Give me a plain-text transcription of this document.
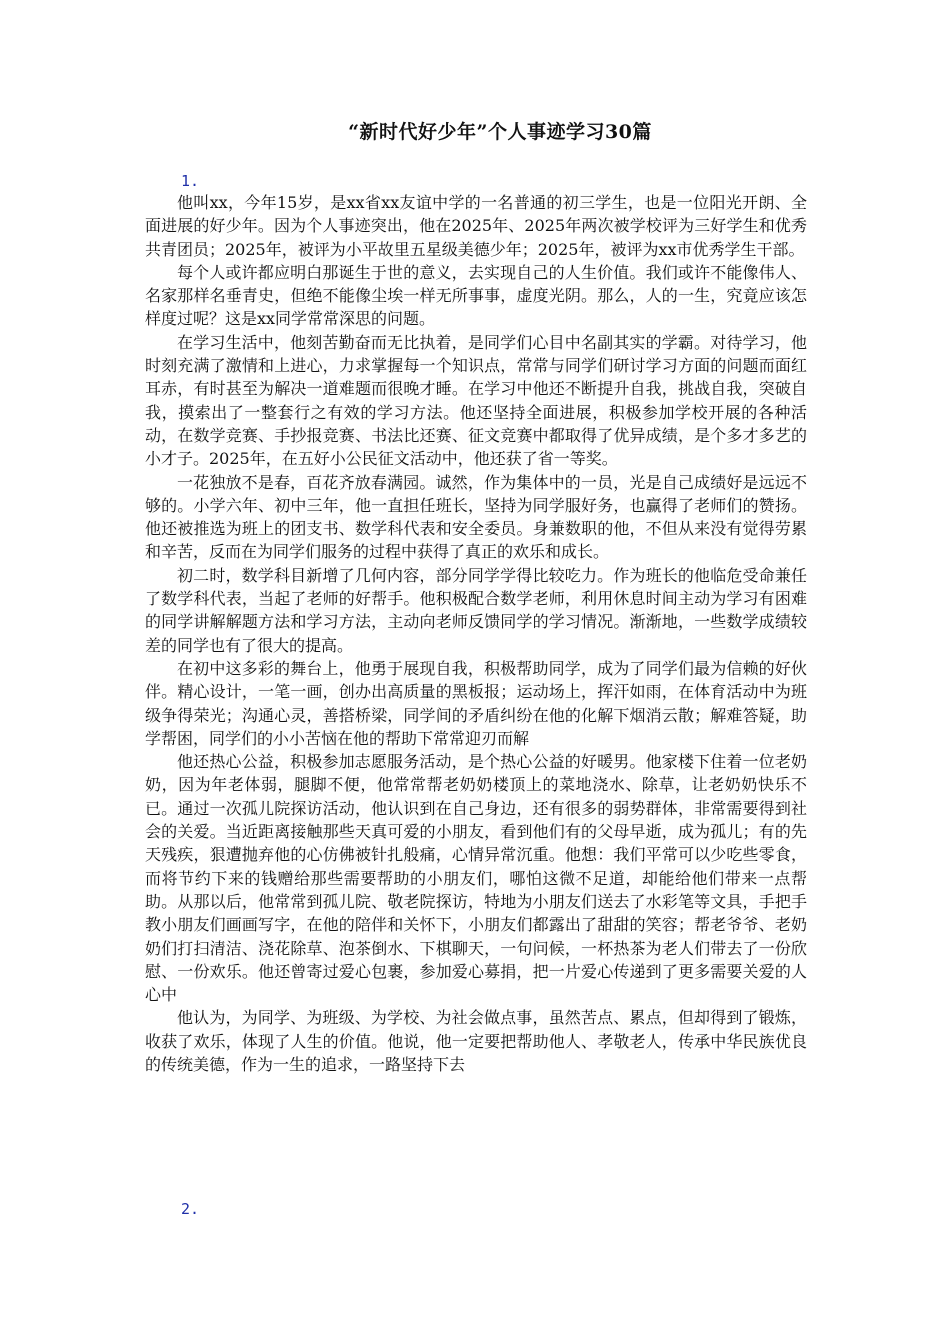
“新时代好少年”个人事迹学习30篇
1.

他叫xx，今年15岁，是xx省xx友谊中学的一名普通的初三学生，也是一位阳光开朗、全面进展的好少年。因为个人事迹突出，他在2025年、2025年两次被学校评为三好学生和优秀共青团员；2025年，被评为小平故里五星级美德少年；2025年，被评为xx市优秀学生干部。

每个人或许都应明白那诞生于世的意义，去实现自己的人生价值。我们或许不能像伟人、名家那样名垂青史，但绝不能像尘埃一样无所事事，虚度光阴。那么，人的一生，究竟应该怎样度过呢？这是xx同学常常深思的问题。

在学习生活中，他刻苦勤奋而无比执着，是同学们心目中名副其实的学霸。对待学习，他时刻充满了激情和上进心，力求掌握每一个知识点，常常与同学们研讨学习方面的问题而面红耳赤，有时甚至为解决一道难题而很晚才睡。在学习中他还不断提升自我，挑战自我，突破自我，摸索出了一整套行之有效的学习方法。他还坚持全面进展，积极参加学校开展的各种活动，在数学竞赛、手抄报竞赛、书法比还赛、征文竞赛中都取得了优异成绩，是个多才多艺的小才子。2025年，在五好小公民征文活动中，他还获了省一等奖。

一花独放不是春，百花齐放春满园。诚然，作为集体中的一员，光是自己成绩好是远远不够的。小学六年、初中三年，他一直担任班长，坚持为同学服好务，也赢得了老师们的赞扬。他还被推选为班上的团支书、数学科代表和安全委员。身兼数职的他，不但从来没有觉得劳累和辛苦，反而在为同学们服务的过程中获得了真正的欢乐和成长。

初二时，数学科目新增了几何内容，部分同学学得比较吃力。作为班长的他临危受命兼任了数学科代表，当起了老师的好帮手。他积极配合数学老师，利用休息时间主动为学习有困难的同学讲解解题方法和学习方法，主动向老师反馈同学的学习情况。渐渐地，一些数学成绩较差的同学也有了很大的提高。

在初中这多彩的舞台上，他勇于展现自我，积极帮助同学，成为了同学们最为信赖的好伙伴。精心设计，一笔一画，创办出高质量的黑板报；运动场上，挥汗如雨，在体育活动中为班级争得荣光；沟通心灵，善搭桥梁，同学间的矛盾纠纷在他的化解下烟消云散；解难答疑，助学帮困，同学们的小小苦恼在他的帮助下常常迎刃而解

他还热心公益，积极参加志愿服务活动，是个热心公益的好暖男。他家楼下住着一位老奶奶，因为年老体弱，腿脚不便，他常常帮老奶奶楼顶上的菜地浇水、除草，让老奶奶快乐不已。通过一次孤儿院探访活动，他认识到在自己身边，还有很多的弱势群体，非常需要得到社会的关爱。当近距离接触那些天真可爱的小朋友，看到他们有的父母早逝，成为孤儿；有的先天残疾，狠遭抛弃他的心仿佛被针扎般痛，心情异常沉重。他想：我们平常可以少吃些零食，而将节约下来的钱赠给那些需要帮助的小朋友们，哪怕这微不足道，却能给他们带来一点帮助。从那以后，他常常到孤儿院、敬老院探访，特地为小朋友们送去了水彩笔等文具，手把手教小朋友们画画写字，在他的陪伴和关怀下，小朋友们都露出了甜甜的笑容；帮老爷爷、老奶奶们打扫清洁、浇花除草、泡茶倒水、下棋聊天，一句问候，一杯热茶为老人们带去了一份欣慰、一份欢乐。他还曾寄过爱心包裹，参加爱心募捐，把一片爱心传递到了更多需要关爱的人心中

他认为，为同学、为班级、为学校、为社会做点事，虽然苦点、累点，但却得到了锻炼，收获了欢乐，体现了人生的价值。他说，他一定要把帮助他人、孝敬老人，传承中华民族优良的传统美德，作为一生的追求，一路坚持下去

2.
